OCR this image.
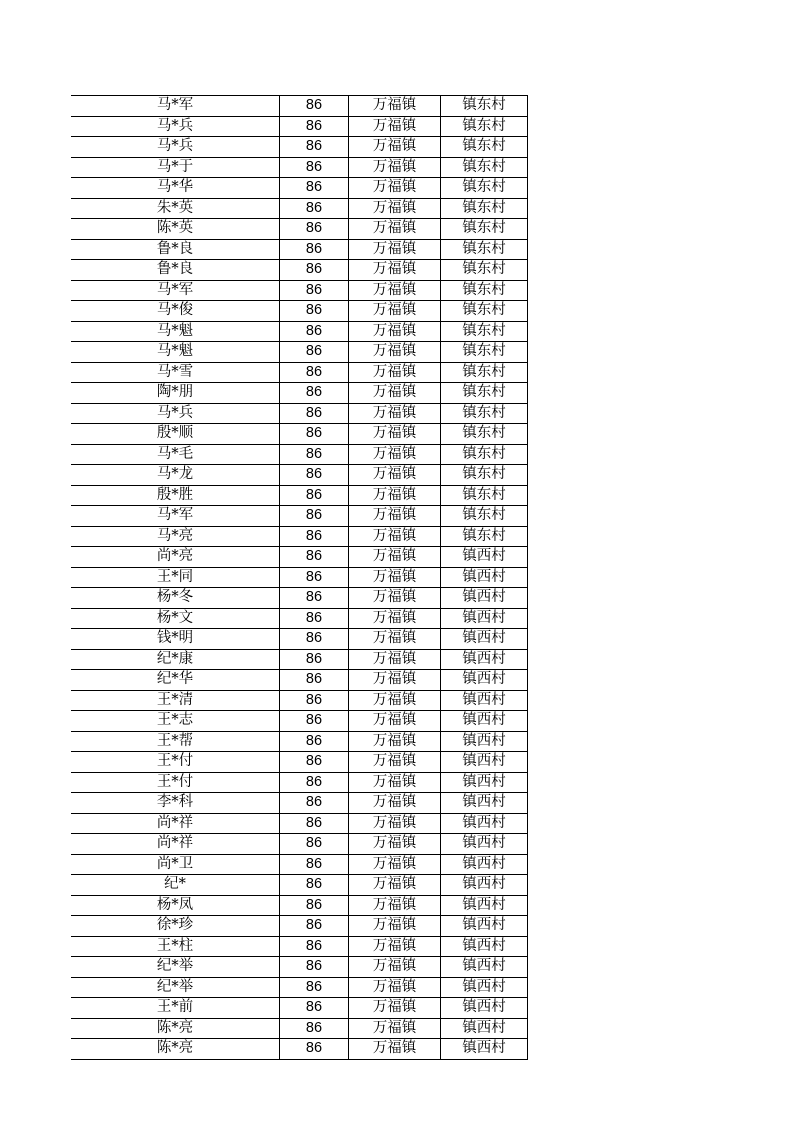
马*军	86	万福镇	镇东村
马*兵	86	万福镇	镇东村
马*兵	86	万福镇	镇东村
马*于	86	万福镇	镇东村
马*华	86	万福镇	镇东村
朱*英	86	万福镇	镇东村
陈*英	86	万福镇	镇东村
鲁*良	86	万福镇	镇东村
鲁*良	86	万福镇	镇东村
马*军	86	万福镇	镇东村
马*俊	86	万福镇	镇东村
马*魁	86	万福镇	镇东村
马*魁	86	万福镇	镇东村
马*雪	86	万福镇	镇东村
陶*朋	86	万福镇	镇东村
马*兵	86	万福镇	镇东村
殷*顺	86	万福镇	镇东村
马*毛	86	万福镇	镇东村
马*龙	86	万福镇	镇东村
殷*胜	86	万福镇	镇东村
马*军	86	万福镇	镇东村
马*亮	86	万福镇	镇东村
尚*亮	86	万福镇	镇西村
王*同	86	万福镇	镇西村
杨*冬	86	万福镇	镇西村
杨*文	86	万福镇	镇西村
钱*明	86	万福镇	镇西村
纪*康	86	万福镇	镇西村
纪*华	86	万福镇	镇西村
王*清	86	万福镇	镇西村
王*志	86	万福镇	镇西村
王*帮	86	万福镇	镇西村
王*付	86	万福镇	镇西村
王*付	86	万福镇	镇西村
李*科	86	万福镇	镇西村
尚*祥	86	万福镇	镇西村
尚*祥	86	万福镇	镇西村
尚*卫	86	万福镇	镇西村
纪*	86	万福镇	镇西村
杨*凤	86	万福镇	镇西村
徐*珍	86	万福镇	镇西村
王*柱	86	万福镇	镇西村
纪*举	86	万福镇	镇西村
纪*举	86	万福镇	镇西村
王*前	86	万福镇	镇西村
陈*亮	86	万福镇	镇西村
陈*亮	86	万福镇	镇西村
